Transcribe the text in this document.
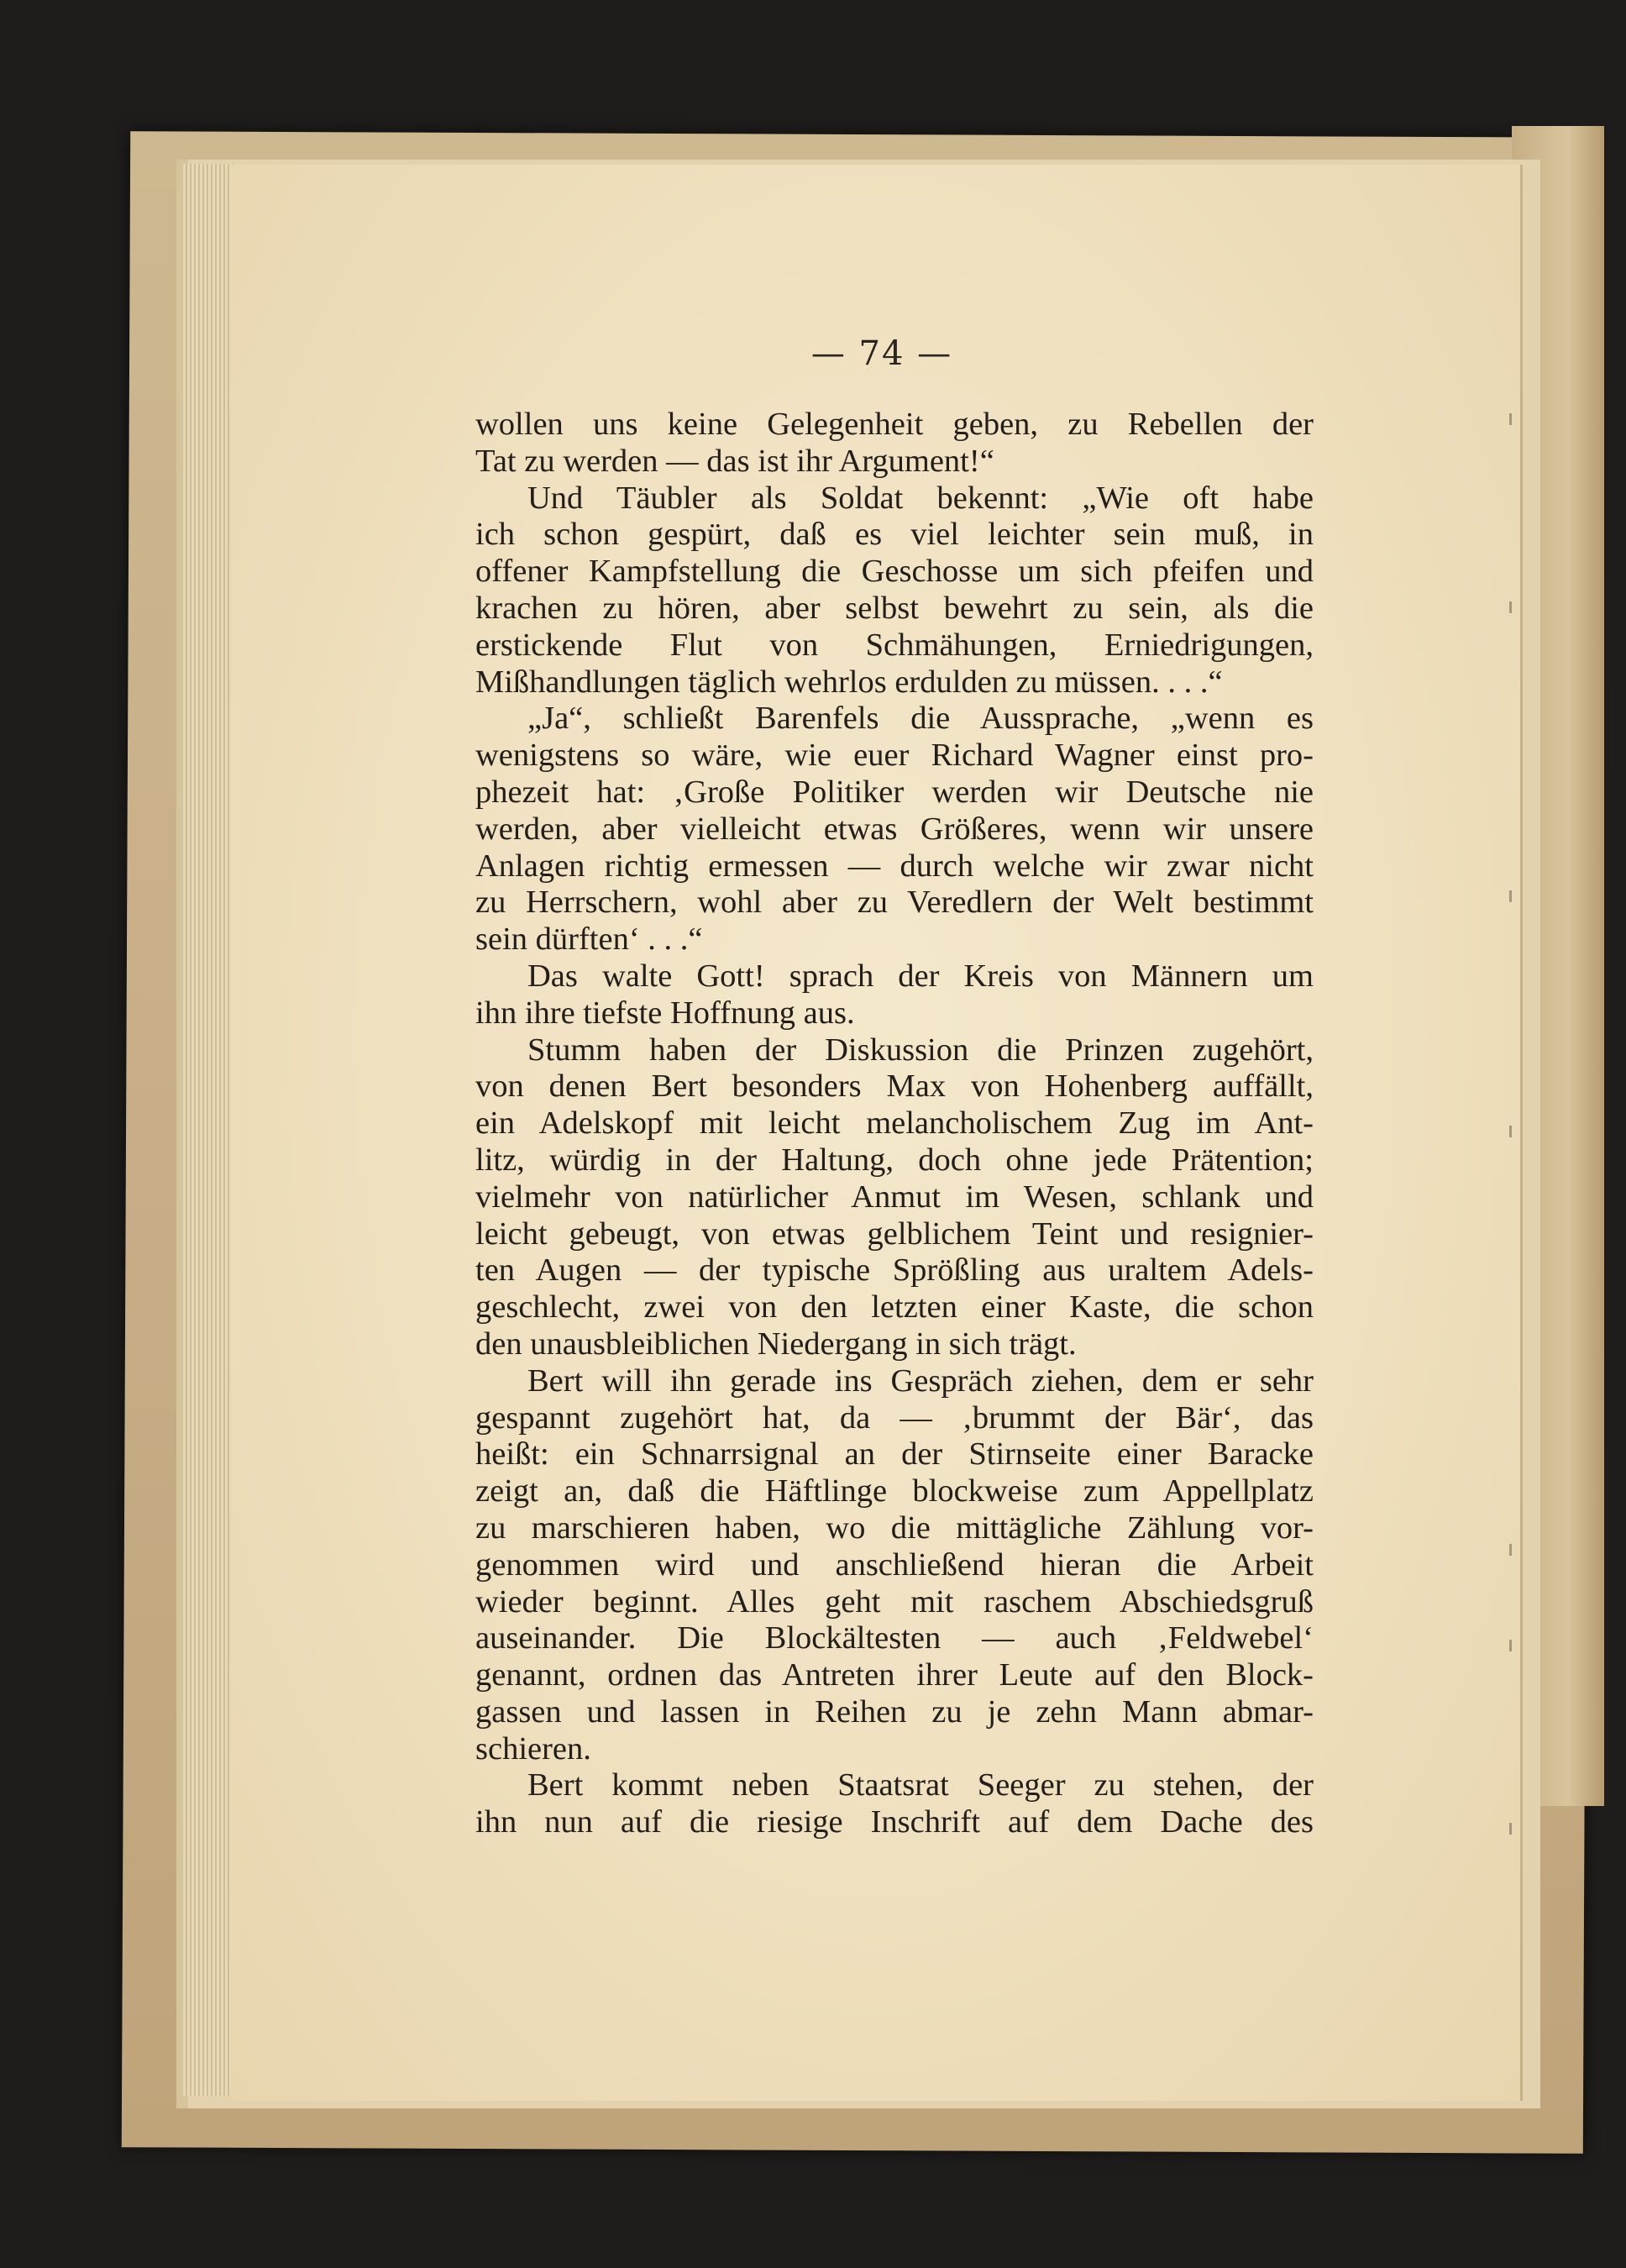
— 74 —
wollen uns keine Gelegenheit geben, zu Rebellen der
Tat zu werden — das ist ihr Argument!“
Und Täubler als Soldat bekennt: „Wie oft habe
ich schon gespürt, daß es viel leichter sein muß, in
offener Kampfstellung die Geschosse um sich pfeifen und
krachen zu hören, aber selbst bewehrt zu sein, als die
erstickende Flut von Schmähungen, Erniedrigungen,
Mißhandlungen täglich wehrlos erdulden zu müssen. . . .“
„Ja“, schließt Barenfels die Aussprache, „wenn es
wenigstens so wäre, wie euer Richard Wagner einst pro-
phezeit hat: ‚Große Politiker werden wir Deutsche nie
werden, aber vielleicht etwas Größeres, wenn wir unsere
Anlagen richtig ermessen — durch welche wir zwar nicht
zu Herrschern, wohl aber zu Veredlern der Welt bestimmt
sein dürften‘ . . .“
Das walte Gott! sprach der Kreis von Männern um
ihn ihre tiefste Hoffnung aus.
Stumm haben der Diskussion die Prinzen zugehört,
von denen Bert besonders Max von Hohenberg auffällt,
ein Adelskopf mit leicht melancholischem Zug im Ant-
litz, würdig in der Haltung, doch ohne jede Prätention;
vielmehr von natürlicher Anmut im Wesen, schlank und
leicht gebeugt, von etwas gelblichem Teint und resignier-
ten Augen — der typische Sprößling aus uraltem Adels-
geschlecht, zwei von den letzten einer Kaste, die schon
den unausbleiblichen Niedergang in sich trägt.
Bert will ihn gerade ins Gespräch ziehen, dem er sehr
gespannt zugehört hat, da — ‚brummt der Bär‘, das
heißt: ein Schnarrsignal an der Stirnseite einer Baracke
zeigt an, daß die Häftlinge blockweise zum Appellplatz
zu marschieren haben, wo die mittägliche Zählung vor-
genommen wird und anschließend hieran die Arbeit
wieder beginnt. Alles geht mit raschem Abschiedsgruß
auseinander. Die Blockältesten — auch ‚Feldwebel‘
genannt, ordnen das Antreten ihrer Leute auf den Block-
gassen und lassen in Reihen zu je zehn Mann abmar-
schieren.
Bert kommt neben Staatsrat Seeger zu stehen, der
ihn nun auf die riesige Inschrift auf dem Dache des
